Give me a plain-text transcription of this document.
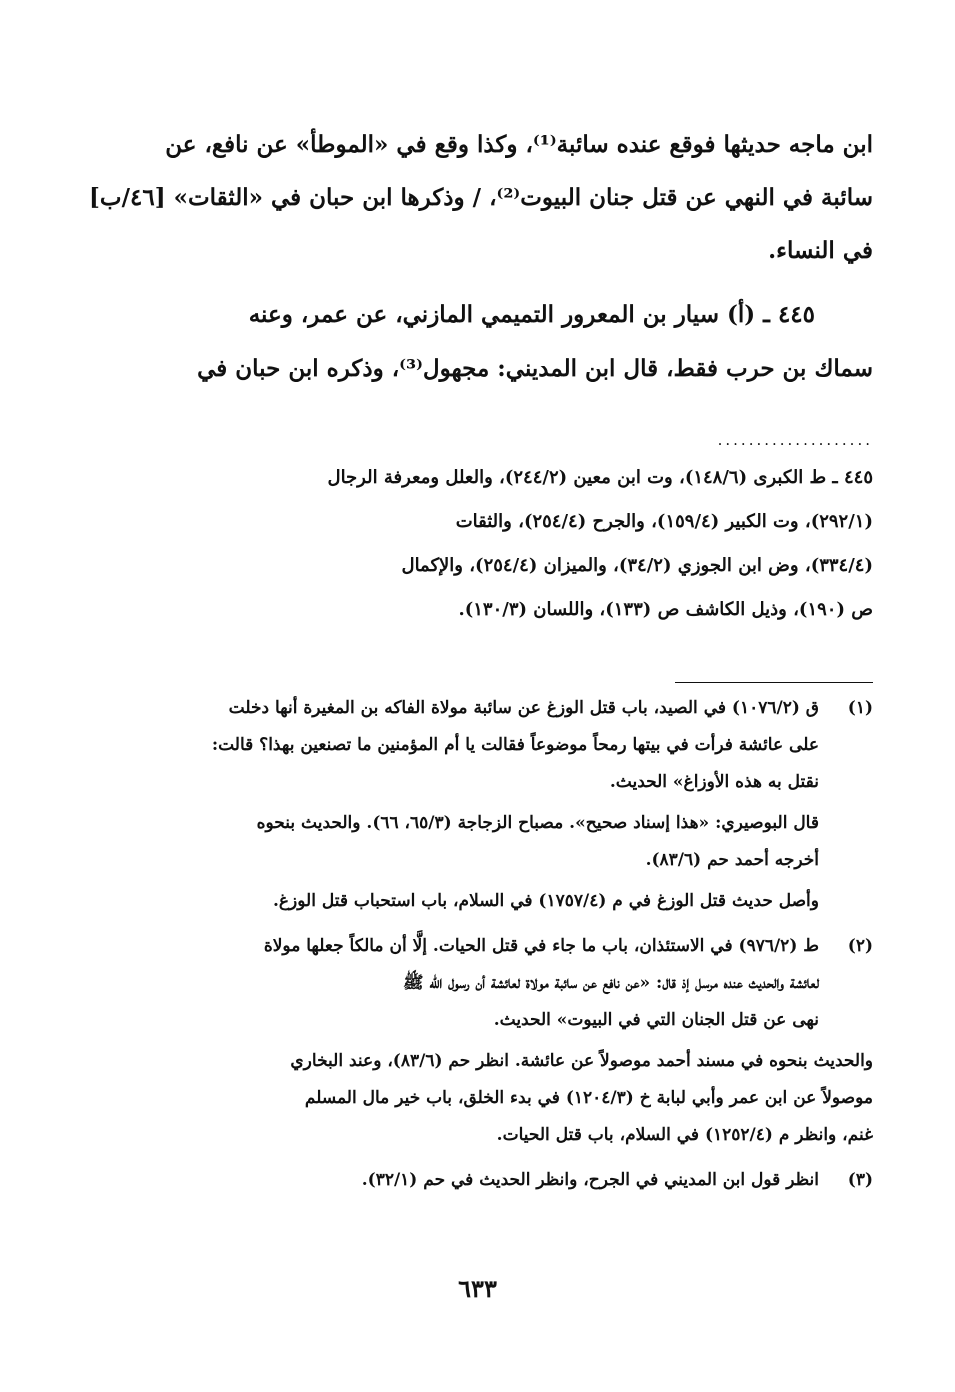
ابن ماجه حديثها فوقع عنده سائبة⁽¹⁾، وكذا وقع في «الموطأ» عن نافع، عن
سائبة في النهي عن قتل جنان البيوت⁽²⁾، / وذكرها ابن حبان في «الثقات» [٤٦/ب]
في النساء.
٤٤٥ ـ (أ) سيار بن المعرور التميمي المازني، عن عمر، وعنه
سماك بن حرب فقط، قال ابن المديني: مجهول⁽³⁾، وذكره ابن حبان في
....................
٤٤٥ ـ ط الكبرى (١٤٨/٦)، وت ابن معين (٢٤٤/٢)، والعلل ومعرفة الرجال
(٢٩٢/١)، وت الكبير (١٥٩/٤)، والجرح (٢٥٤/٤)، والثقات
(٣٣٤/٤)، وض ابن الجوزي (٣٤/٢)، والميزان (٢٥٤/٤)، والإكمال
ص (١٩٠)، وذيل الكاشف ص (١٣٣)، واللسان (١٣٠/٣).
(١)
ق (١٠٧٦/٢) في الصيد، باب قتل الوزغ عن سائبة مولاة الفاكه بن المغيرة أنها دخلت
على عائشة فرأت في بيتها رمحاً موضوعاً فقالت يا أم المؤمنين ما تصنعين بهذا؟ قالت:
نقتل به هذه الأوزاغ» الحديث.
قال البوصيري: «هذا إسناد صحيح». مصباح الزجاجة (٦٥/٣، ٦٦). والحديث بنحوه
أخرجه أحمد حم (٨٣/٦).
وأصل حديث قتل الوزغ في م (١٧٥٧/٤) في السلام، باب استحباب قتل الوزغ.
(٢)
ط (٩٧٦/٢) في الاستئذان، باب ما جاء في قتل الحيات. إلَّا أن مالكاً جعلها مولاة
لعائشة والحديث عنده مرسل إذ قال: «عن نافع عن سائبة مولاة لعائشة أن رسول الله ﷺ
نهى عن قتل الجنان التي في البيوت» الحديث.
والحديث بنحوه في مسند أحمد موصولاً عن عائشة. انظر حم (٨٣/٦)، وعند البخاري
موصولاً عن ابن عمر وأبي لبابة خ (١٢٠٤/٣) في بدء الخلق، باب خير مال المسلم
غنم، وانظر م (١٢٥٢/٤) في السلام، باب قتل الحيات.
(٣)
انظر قول ابن المديني في الجرح، وانظر الحديث في حم (٣٢/١).
٦٣٣
